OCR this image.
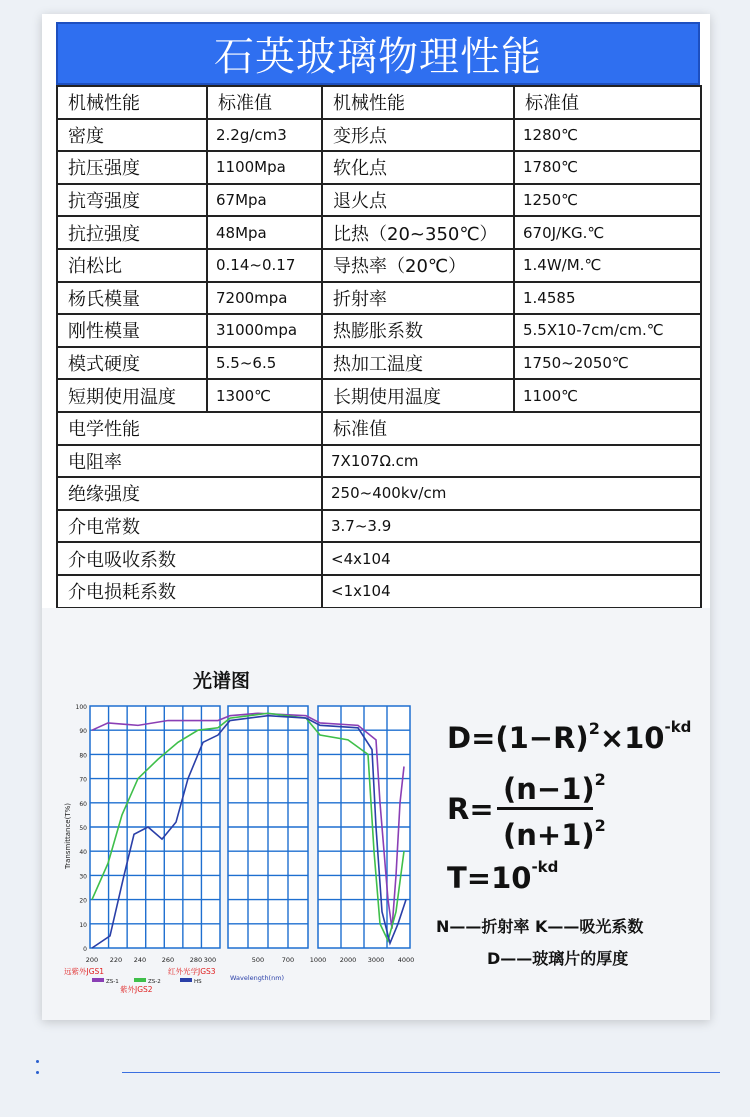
石英玻璃物理性能
机械性能	标准值	机械性能	标准值
密度	2.2g/cm3	变形点	1280℃
抗压强度	1100Mpa	软化点	1780℃
抗弯强度	67Mpa	退火点	1250℃
抗拉强度	48Mpa	比热（20~350℃）	670J/KG.℃
泊松比	0.14~0.17	导热率（20℃）	1.4W/M.℃
杨氏模量	7200mpa	折射率	1.4585
刚性模量	31000mpa	热膨胀系数	5.5X10-7cm/cm.℃
模式硬度	5.5~6.5	热加工温度	1750~2050℃
短期使用温度	1300℃	长期使用温度	1100℃
电学性能		标准值	
电阻率		7X107Ω.cm	
绝缘强度		250~400kv/cm	
介电常数		3.7~3.9	
介电吸收系数		<4x104	
介电损耗系数		<1x104	
光谱图
100
90
80
70
60
50
40
30
20
10
0
Transmittance(T%)
200 220 240 260 280 300	500	700 1000 2000 3000 4000
远紫外JGS1
ZS-1
紫外JGS2
ZS-2
红外光学JGS3
HS	Wavelength(nm)
$D=(1-R)^2\times 10^{-kd}$
R=
$(n-1)^2$
$(n+1)^2$
$T=10^{-kd}$
N——折射率 K——吸光系数
D——玻璃片的厚度
